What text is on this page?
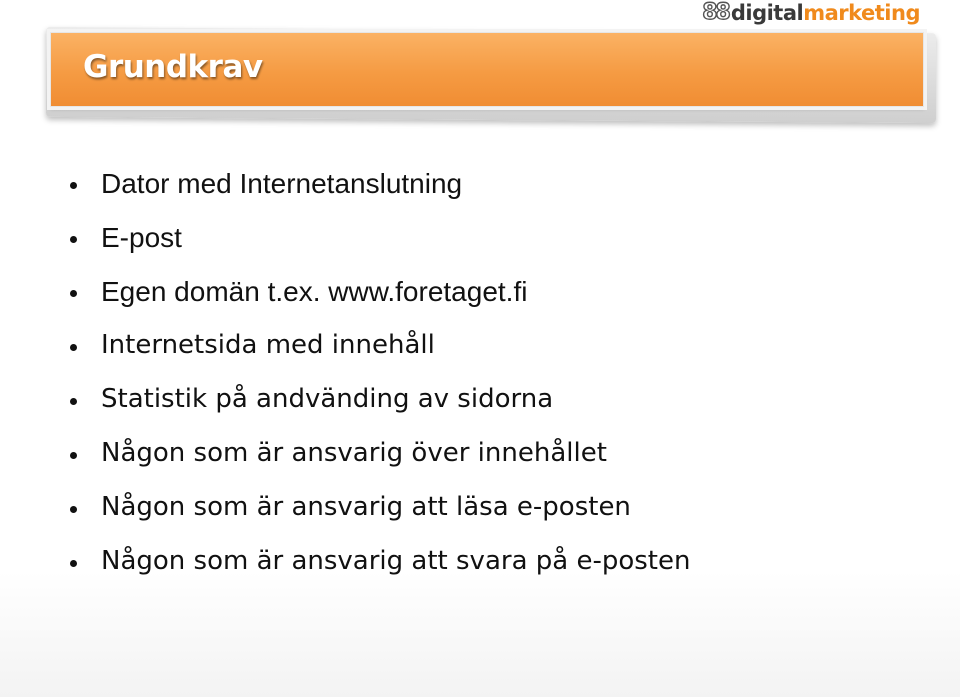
88 digital marketing
Grundkrav
Dator med Internetanslutning
E-post
Egen domän t.ex. www.foretaget.fi
Internetsida med innehåll
Statistik på andvänding av sidorna
Någon som är ansvarig över innehållet
Någon som är ansvarig att läsa e-posten
Någon som är ansvarig att svara på e-posten
